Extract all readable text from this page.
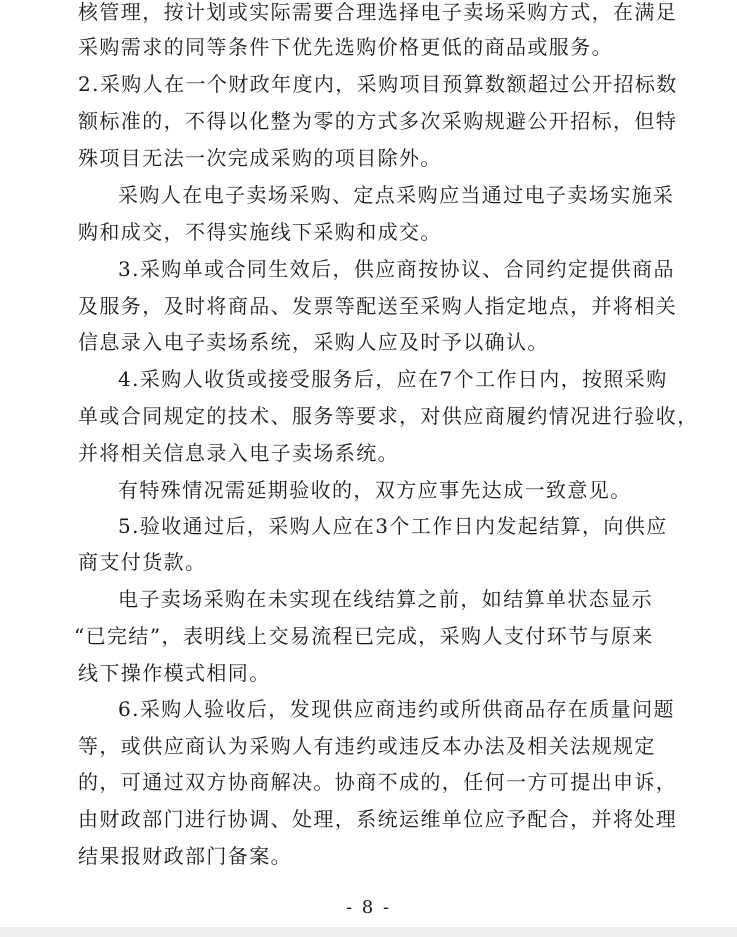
核管理，按计划或实际需要合理选择电子卖场采购方式，在满足
采购需求的同等条件下优先选购价格更低的商品或服务。
2.采购人在一个财政年度内，采购项目预算数额超过公开招标数
额标准的，不得以化整为零的方式多次采购规避公开招标，但特
殊项目无法一次完成采购的项目除外。
采购人在电子卖场采购、定点采购应当通过电子卖场实施采
购和成交，不得实施线下采购和成交。
3.采购单或合同生效后，供应商按协议、合同约定提供商品
及服务，及时将商品、发票等配送至采购人指定地点，并将相关
信息录入电子卖场系统，采购人应及时予以确认。
4.采购人收货或接受服务后，应在7个工作日内，按照采购
单或合同规定的技术、服务等要求，对供应商履约情况进行验收，
并将相关信息录入电子卖场系统。
有特殊情况需延期验收的，双方应事先达成一致意见。
5.验收通过后，采购人应在3个工作日内发起结算，向供应
商支付货款。
电子卖场采购在未实现在线结算之前，如结算单状态显示
“已完结”，表明线上交易流程已完成，采购人支付环节与原来
线下操作模式相同。
6.采购人验收后，发现供应商违约或所供商品存在质量问题
等，或供应商认为采购人有违约或违反本办法及相关法规规定
的，可通过双方协商解决。协商不成的，任何一方可提出申诉，
由财政部门进行协调、处理，系统运维单位应予配合，并将处理
结果报财政部门备案。
- 8 -
